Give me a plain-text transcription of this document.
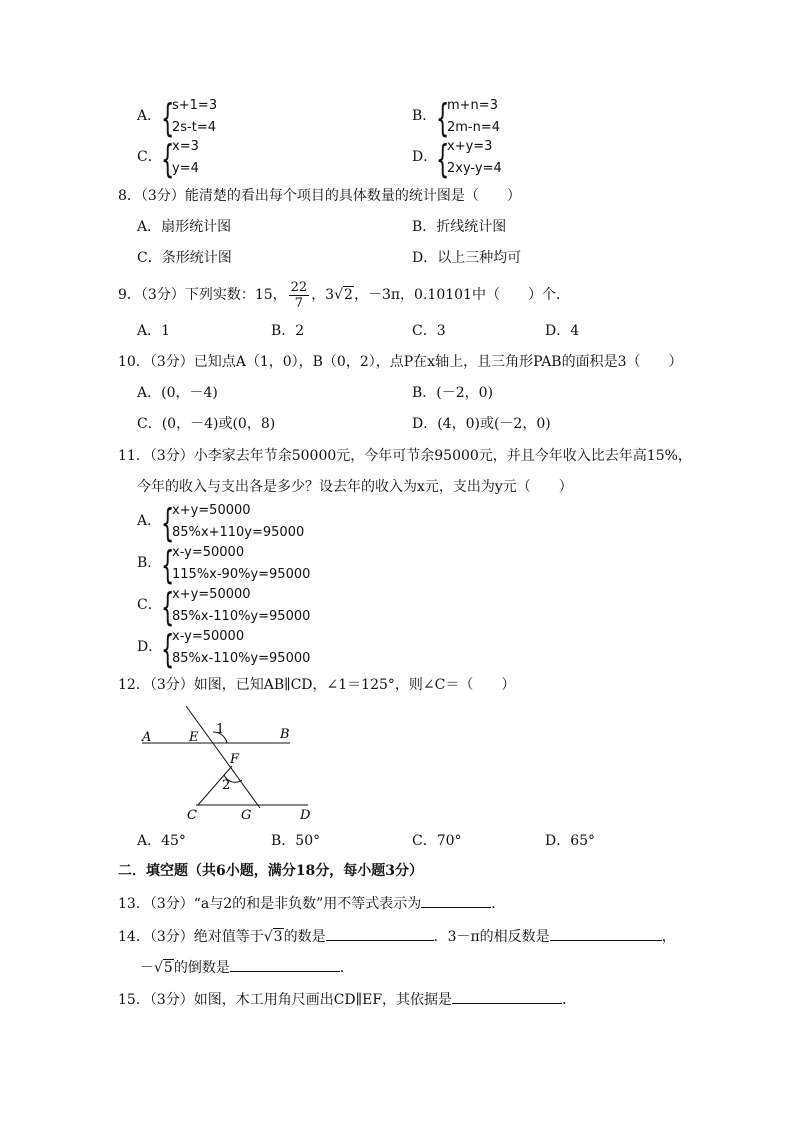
A． {
s+1=3
2s-t=4
B． {
m+n=3
2m-n=4
C． {
x=3
y=4
D．
{
x+y=3
2xy-y=4
8．（3分）能清楚的看出每个项目的具体数量的统计图是（　　）
A．扇形统计图	B．折线统计图
C．条形统计图	D．以上三种均可
9．（3分）下列实数：15， $\frac{22}{7}$ ，3√2，－3π，0.10101中（　　）个．
A．1	B．2	C．3	D．4
10．（3分）已知点A（1，0），B（0，2），点P在x轴上，且三角形PAB的面积是3（　　）
A．(0，－4)	B．(－2，0)
C．(0，－4)或(0，8)	D．(4，0)或(－2，0)
11．（3分）小李家去年节余50000元，今年可节余95000元，并且今年收入比去年高15%，
今年的收入与支出各是多少？设去年的收入为x元，支出为y元（　　）
A． {
x+y=50000
85%x+110y=95000
B． {
x-y=50000
115%x-90%y=95000
C． {
x+y=50000
85%x-110%y=95000
D．
{
x-y=50000
85%x-110%y=95000
12．（3分）如图，已知AB∥CD，∠1＝125°，则∠C＝（　　）
A	B
E
1
F
2
C	G	D
A．45°	B．50°	C．70°	D．65°
二．填空题（共6小题，满分18分，每小题3分）
13．（3分）“a与2的和是非负数”用不等式表示为	．
14．（3分）绝对值等于√3的数是	．3－π的相反数是	，
－√5的倒数是	．
15．（3分）如图，木工用角尺画出CD∥EF，其依据是	．
